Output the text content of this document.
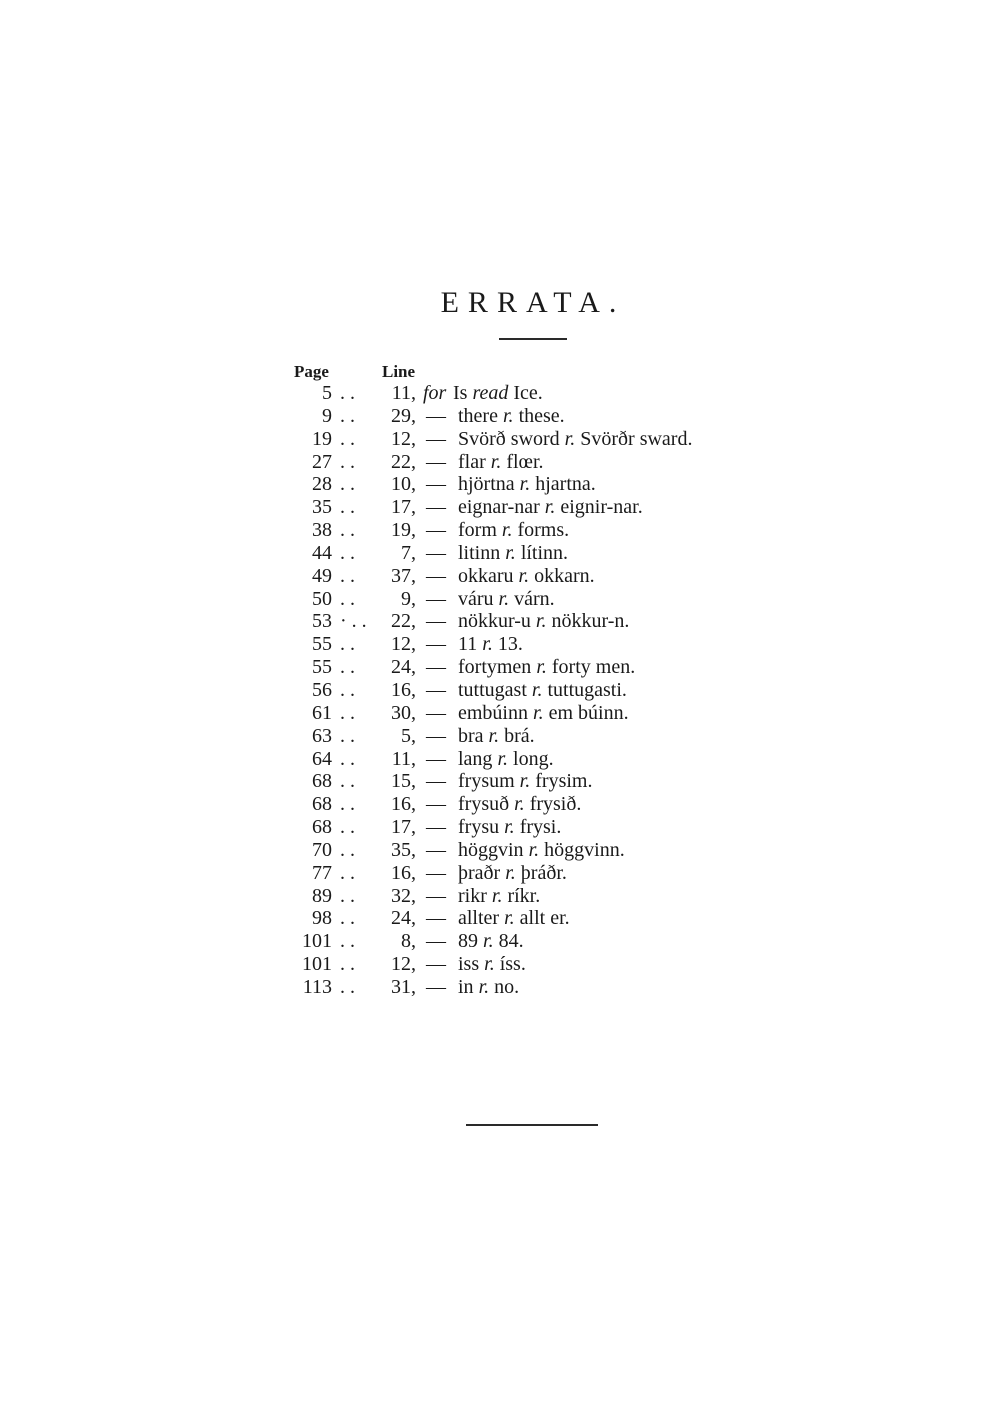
ERRATA.
Page	Line
5 . .	11, for Is read Ice.
9 . .	29, — there r. these.
19 . .	12, — Svörð sword r. Svörðr sward.
27 . .	22, — flar r. flœr.
28 . .	10, — hjörtna r. hjartna.
35 . .	17, — eignar-nar r. eignir-nar.
38 . .	19, — form r. forms.
44 . .	7, — litinn r. lítinn.
49 . .	37, — okkaru r. okkarn.
50 . .	9, — váru r. várn.
53 · . .	22, — nökkur-u r. nökkur-n.
55 . .	12, — 11 r. 13.
55 . .	24, — fortymen r. forty men.
56 . .	16, — tuttugast r. tuttugasti.
61 . .	30, — embúinn r. em búinn.
63 . .	5, — bra r. brá.
64 . .	11, — lang r. long.
68 . .	15, — frysum r. frysim.
68 . .	16, — frysuð r. frysið.
68 . .	17, — frysu r. frysi.
70 . .	35, — höggvin r. höggvinn.
77 . .	16, — þraðr r. þráðr.
89 . .	32, — rikr r. ríkr.
98 . .	24, — allter r. allt er.
101 . .	8, — 89 r. 84.
101 . .	12, — iss r. íss.
113 . .	31, — in r. no.
